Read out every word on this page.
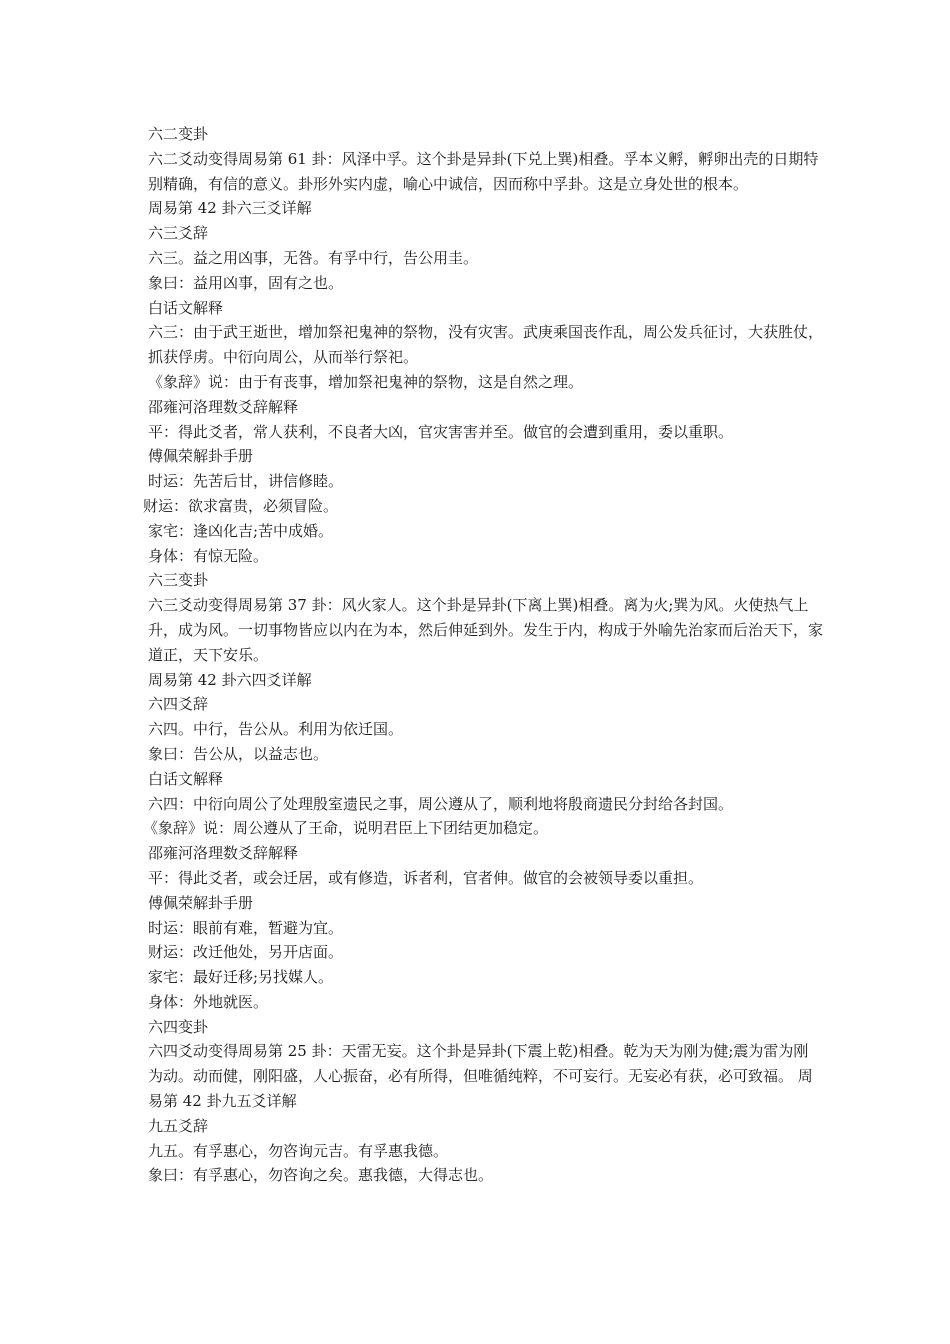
六二变卦

六二爻动变得周易第 61 卦：风泽中孚。这个卦是异卦(下兑上巽)相叠。孚本义孵，孵卵出壳的日期特别精确，有信的意义。卦形外实内虚，喻心中诚信，因而称中孚卦。这是立身处世的根本。

周易第 42 卦六三爻详解

六三爻辞

六三。益之用凶事，无咎。有孚中行，告公用圭。

象曰：益用凶事，固有之也。

白话文解释

六三：由于武王逝世，增加祭祀鬼神的祭物，没有灾害。武庚乘国丧作乱，周公发兵征讨，大获胜仗，抓获俘虏。中衍向周公，从而举行祭祀。

《象辞》说：由于有丧事，增加祭祀鬼神的祭物，这是自然之理。

邵雍河洛理数爻辞解释

平：得此爻者，常人获利，不良者大凶，官灾害害并至。做官的会遭到重用，委以重职。

傅佩荣解卦手册

时运：先苦后甘，讲信修睦。

财运：欲求富贵，必须冒险。

家宅：逢凶化吉;苦中成婚。

身体：有惊无险。

六三变卦

六三爻动变得周易第 37 卦：风火家人。这个卦是异卦(下离上巽)相叠。离为火;巽为风。火使热气上升，成为风。一切事物皆应以内在为本，然后伸延到外。发生于内，构成于外喻先治家而后治天下，家道正，天下安乐。

周易第 42 卦六四爻详解

六四爻辞

六四。中行，告公从。利用为依迁国。

象曰：告公从，以益志也。

白话文解释

六四：中衍向周公了处理殷室遗民之事，周公遵从了，顺利地将殷商遗民分封给各封国。

《象辞》说：周公遵从了王命，说明君臣上下团结更加稳定。

邵雍河洛理数爻辞解释

平：得此爻者，或会迁居，或有修造，诉者利，官者伸。做官的会被领导委以重担。

傅佩荣解卦手册

时运：眼前有难，暂避为宜。

财运：改迁他处，另开店面。

家宅：最好迁移;另找媒人。

身体：外地就医。

六四变卦

六四爻动变得周易第 25 卦：天雷无妄。这个卦是异卦(下震上乾)相叠。乾为天为刚为健;震为雷为刚为动。动而健，刚阳盛，人心振奋，必有所得，但唯循纯粹，不可妄行。无妄必有获，必可致福。 周易第 42 卦九五爻详解

九五爻辞

九五。有孚惠心，勿咨询元吉。有孚惠我德。

象曰：有孚惠心，勿咨询之矣。惠我德，大得志也。
